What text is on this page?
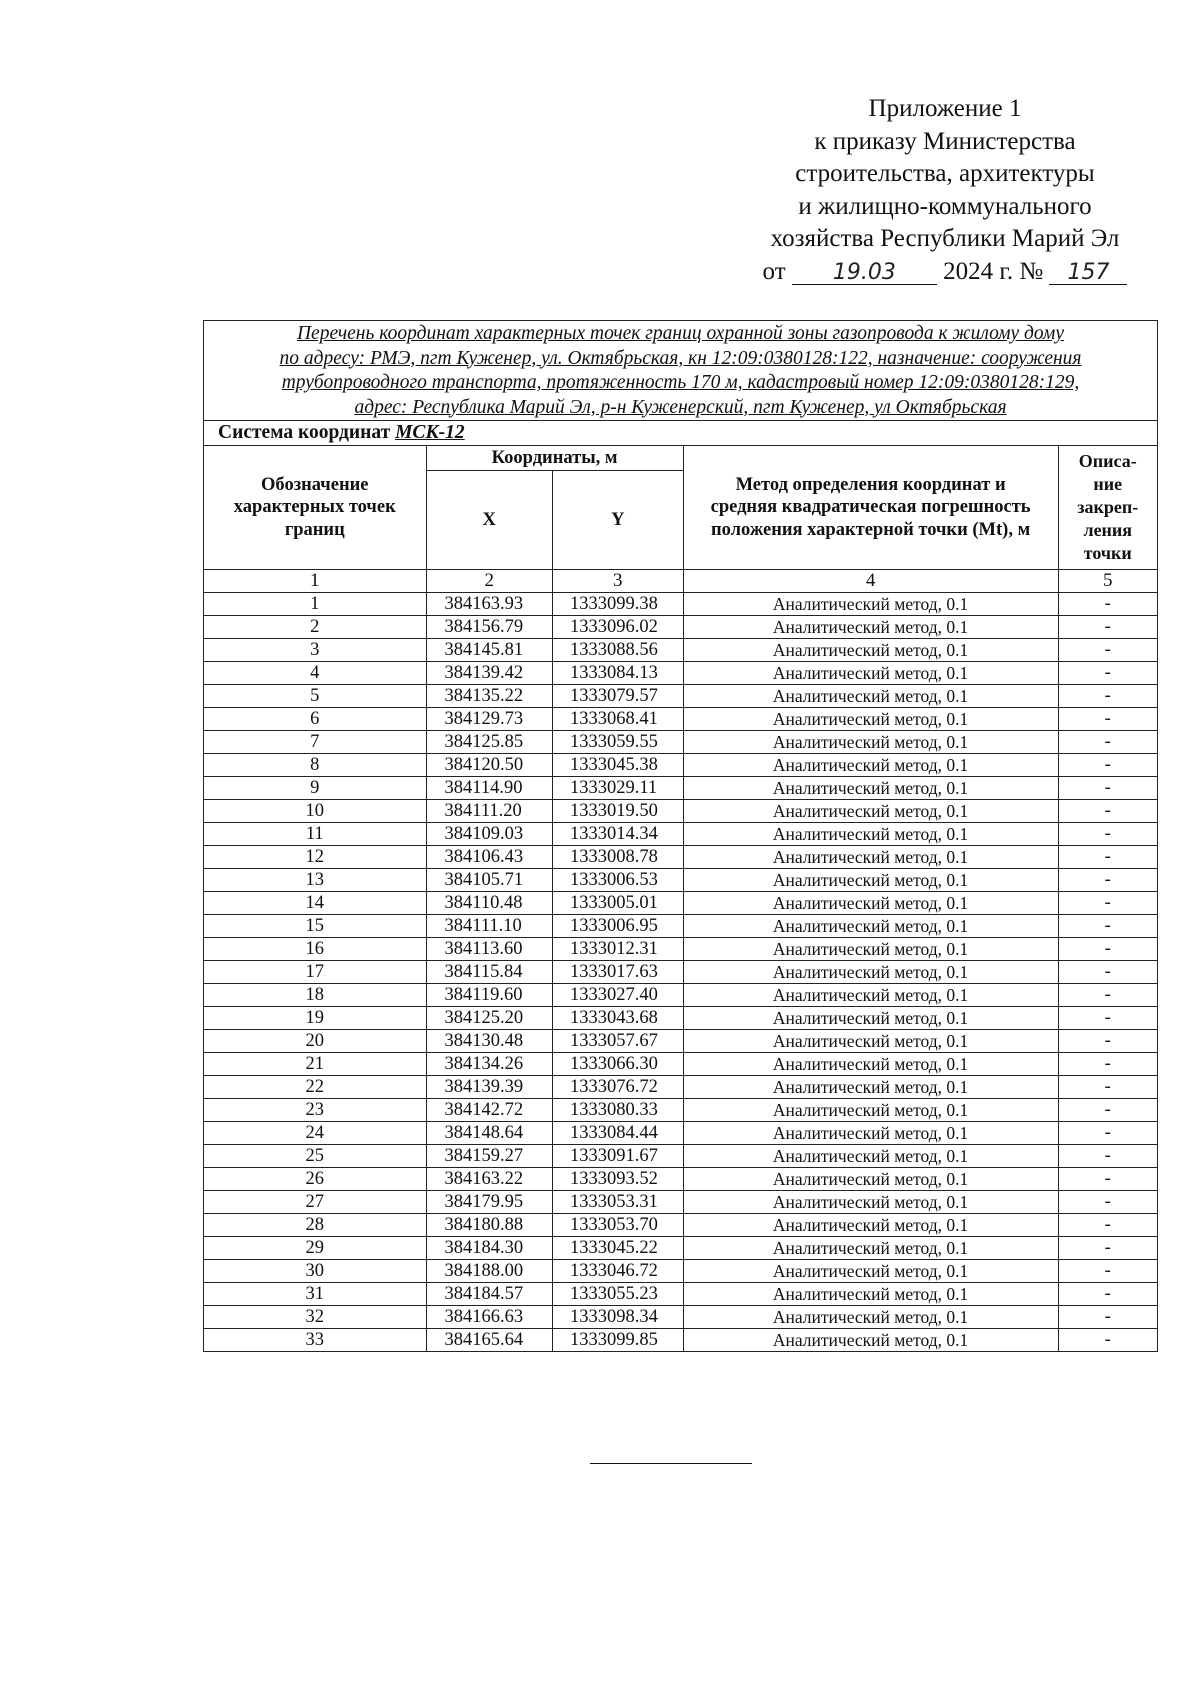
Приложение 1
к приказу Министерства
строительства, архитектуры
и жилищно-коммунального
хозяйства Республики Марий Эл
от 19.03 2024 г. № 157
Перечень координат характерных точек границ охранной зоны газопровода к жилому дому
по адресу: РМЭ, пгт Куженер, ул. Октябрьская, кн 12:09:0380128:122, назначение: сооружения
трубопроводного транспорта, протяженность 170 м, кадастровый номер 12:09:0380128:129,
адрес: Республика Марий Эл, р-н Куженерский, пгт Куженер, ул Октябрьская				

Система координат МСК-12				
Обозначение характерных точек границ	Координаты, м		Метод определения координат и средняя квадратическая погрешность положения характерной точки (Mt), м	Описа-
ние
закреп-
ления
точки

	X	Y		
1	2	3	4	5
1	384163.93	1333099.38	Аналитический метод, 0.1	-
2	384156.79	1333096.02	Аналитический метод, 0.1	-
3	384145.81	1333088.56	Аналитический метод, 0.1	-
4	384139.42	1333084.13	Аналитический метод, 0.1	-
5	384135.22	1333079.57	Аналитический метод, 0.1	-
6	384129.73	1333068.41	Аналитический метод, 0.1	-
7	384125.85	1333059.55	Аналитический метод, 0.1	-
8	384120.50	1333045.38	Аналитический метод, 0.1	-
9	384114.90	1333029.11	Аналитический метод, 0.1	-
10	384111.20	1333019.50	Аналитический метод, 0.1	-
11	384109.03	1333014.34	Аналитический метод, 0.1	-
12	384106.43	1333008.78	Аналитический метод, 0.1	-
13	384105.71	1333006.53	Аналитический метод, 0.1	-
14	384110.48	1333005.01	Аналитический метод, 0.1	-
15	384111.10	1333006.95	Аналитический метод, 0.1	-
16	384113.60	1333012.31	Аналитический метод, 0.1	-
17	384115.84	1333017.63	Аналитический метод, 0.1	-
18	384119.60	1333027.40	Аналитический метод, 0.1	-
19	384125.20	1333043.68	Аналитический метод, 0.1	-
20	384130.48	1333057.67	Аналитический метод, 0.1	-
21	384134.26	1333066.30	Аналитический метод, 0.1	-
22	384139.39	1333076.72	Аналитический метод, 0.1	-
23	384142.72	1333080.33	Аналитический метод, 0.1	-
24	384148.64	1333084.44	Аналитический метод, 0.1	-
25	384159.27	1333091.67	Аналитический метод, 0.1	-
26	384163.22	1333093.52	Аналитический метод, 0.1	-
27	384179.95	1333053.31	Аналитический метод, 0.1	-
28	384180.88	1333053.70	Аналитический метод, 0.1	-
29	384184.30	1333045.22	Аналитический метод, 0.1	-
30	384188.00	1333046.72	Аналитический метод, 0.1	-
31	384184.57	1333055.23	Аналитический метод, 0.1	-
32	384166.63	1333098.34	Аналитический метод, 0.1	-
33	384165.64	1333099.85	Аналитический метод, 0.1	-
